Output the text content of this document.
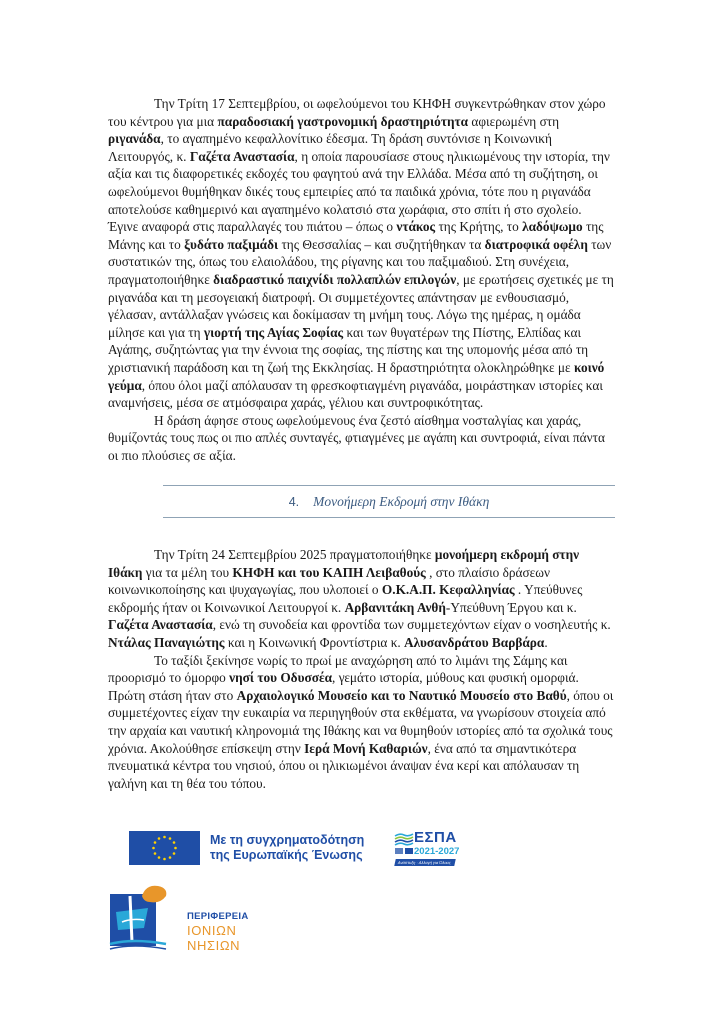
Την Τρίτη 17 Σεπτεμβρίου, οι ωφελούμενοι του ΚΗΦΗ συγκεντρώθηκαν στον χώρο του κέντρου για μια παραδοσιακή γαστρονομική δραστηριότητα αφιερωμένη στη ριγανάδα, το αγαπημένο κεφαλλονίτικο έδεσμα. Τη δράση συντόνισε η Κοινωνική Λειτουργός, κ. Γαζέτα Αναστασία, η οποία παρουσίασε στους ηλικιωμένους την ιστορία, την αξία και τις διαφορετικές εκδοχές του φαγητού ανά την Ελλάδα. Μέσα από τη συζήτηση, οι ωφελούμενοι θυμήθηκαν δικές τους εμπειρίες από τα παιδικά χρόνια, τότε που η ριγανάδα αποτελούσε καθημερινό και αγαπημένο κολατσιό στα χωράφια, στο σπίτι ή στο σχολείο. Έγινε αναφορά στις παραλλαγές του πιάτου – όπως ο ντάκος της Κρήτης, το λαδόψωμο της Μάνης και το ξυδάτο παξιμάδι της Θεσσαλίας – και συζητήθηκαν τα διατροφικά οφέλη των συστατικών της, όπως του ελαιολάδου, της ρίγανης και του παξιμαδιού. Στη συνέχεια, πραγματοποιήθηκε διαδραστικό παιχνίδι πολλαπλών επιλογών, με ερωτήσεις σχετικές με τη ριγανάδα και τη μεσογειακή διατροφή. Οι συμμετέχοντες απάντησαν με ενθουσιασμό, γέλασαν, αντάλλαξαν γνώσεις και δοκίμασαν τη μνήμη τους. Λόγω της ημέρας, η ομάδα μίλησε και για τη γιορτή της Αγίας Σοφίας και των θυγατέρων της Πίστης, Ελπίδας και Αγάπης, συζητώντας για την έννοια της σοφίας, της πίστης και της υπομονής μέσα από τη χριστιανική παράδοση και τη ζωή της Εκκλησίας. Η δραστηριότητα ολοκληρώθηκε με κοινό γεύμα, όπου όλοι μαζί απόλαυσαν τη φρεσκοφτιαγμένη ριγανάδα, μοιράστηκαν ιστορίες και αναμνήσεις, μέσα σε ατμόσφαιρα χαράς, γέλιου και συντροφικότητας.

Η δράση άφησε στους ωφελούμενους ένα ζεστό αίσθημα νοσταλγίας και χαράς, θυμίζοντάς τους πως οι πιο απλές συνταγές, φτιαγμένες με αγάπη και συντροφιά, είναι πάντα οι πιο πλούσιες σε αξία.

4. Μονοήμερη Εκδρομή στην Ιθάκη

Την Τρίτη 24 Σεπτεμβρίου 2025 πραγματοποιήθηκε μονοήμερη εκδρομή στην Ιθάκη για τα μέλη του ΚΗΦΗ και του ΚΑΠΗ Λειβαθούς , στο πλαίσιο δράσεων κοινωνικοποίησης και ψυχαγωγίας, που υλοποιεί ο Ο.Κ.Α.Π. Κεφαλληνίας . Υπεύθυνες εκδρομής ήταν οι Κοινωνικοί Λειτουργοί κ. Αρβανιτάκη Ανθή-Υπεύθυνη Έργου και κ. Γαζέτα Αναστασία, ενώ τη συνοδεία και φροντίδα των συμμετεχόντων είχαν ο νοσηλευτής κ. Ντάλας Παναγιώτης και η Κοινωνική Φροντίστρια κ. Αλυσανδράτου Βαρβάρα.

Το ταξίδι ξεκίνησε νωρίς το πρωί με αναχώρηση από το λιμάνι της Σάμης και προορισμό το όμορφο νησί του Οδυσσέα, γεμάτο ιστορία, μύθους και φυσική ομορφιά. Πρώτη στάση ήταν στο Αρχαιολογικό Μουσείο και το Ναυτικό Μουσείο στο Βαθύ, όπου οι συμμετέχοντες είχαν την ευκαιρία να περιηγηθούν στα εκθέματα, να γνωρίσουν στοιχεία από την αρχαία και ναυτική κληρονομιά της Ιθάκης και να θυμηθούν ιστορίες από τα σχολικά τους χρόνια. Ακολούθησε επίσκεψη στην Ιερά Μονή Καθαριών, ένα από τα σημαντικότερα πνευματικά κέντρα του νησιού, όπου οι ηλικιωμένοι άναψαν ένα κερί και απόλαυσαν τη γαλήνη και τη θέα του τόπου.

Με τη συγχρηματοδότηση
της Ευρωπαϊκής Ένωσης
ΕΣΠΑ
2021-2027
Ανάπτυξη · Αλλαγή για Όλους
ΠΕΡΙΦΕΡΕΙΑ
ΙΟΝΙΩΝ
ΝΗΣΙΩΝ
